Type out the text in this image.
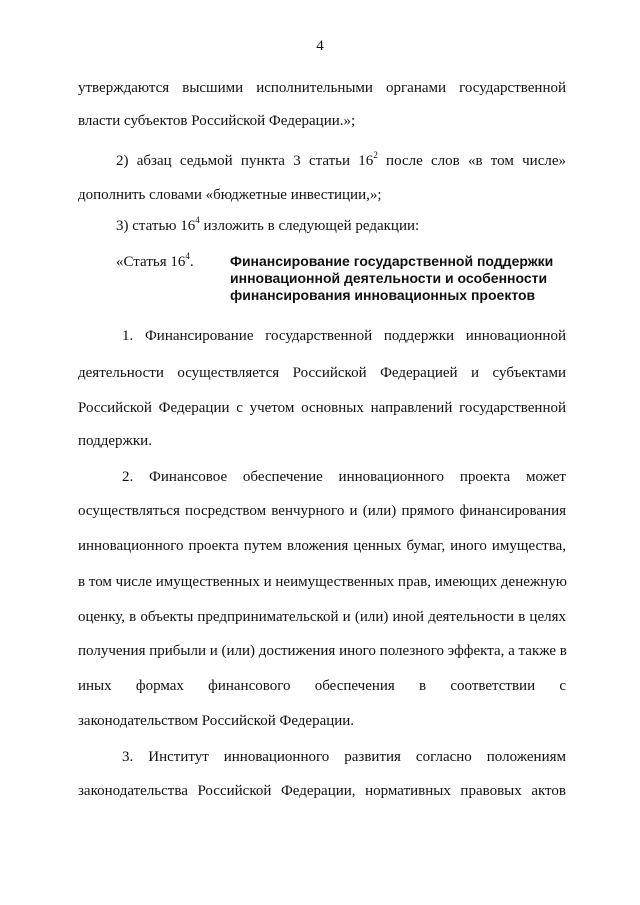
4
утверждаются высшими исполнительными органами государственной
власти субъектов Российской Федерации.»;
2) абзац седьмой пункта 3 статьи $16^2$ после слов «в том числе»
дополнить словами «бюджетные инвестиции,»;
3) статью $16^4$ изложить в следующей редакции:
«Статья $16^4$.	Финансирование государственной поддержки
инновационной деятельности и особенности
финансирования инновационных проектов
1. Финансирование государственной поддержки инновационной
деятельности осуществляется Российской Федерацией и субъектами
Российской Федерации с учетом основных направлений государственной
поддержки.
2. Финансовое обеспечение инновационного проекта может
осуществляться посредством венчурного и (или) прямого финансирования
инновационного проекта путем вложения ценных бумаг, иного имущества,
в том числе имущественных и неимущественных прав, имеющих денежную
оценку, в объекты предпринимательской и (или) иной деятельности в целях
получения прибыли и (или) достижения иного полезного эффекта, а также в
иных формах финансового обеспечения в соответствии с
законодательством Российской Федерации.
3. Институт инновационного развития согласно положениям
законодательства Российской Федерации, нормативных правовых актов
